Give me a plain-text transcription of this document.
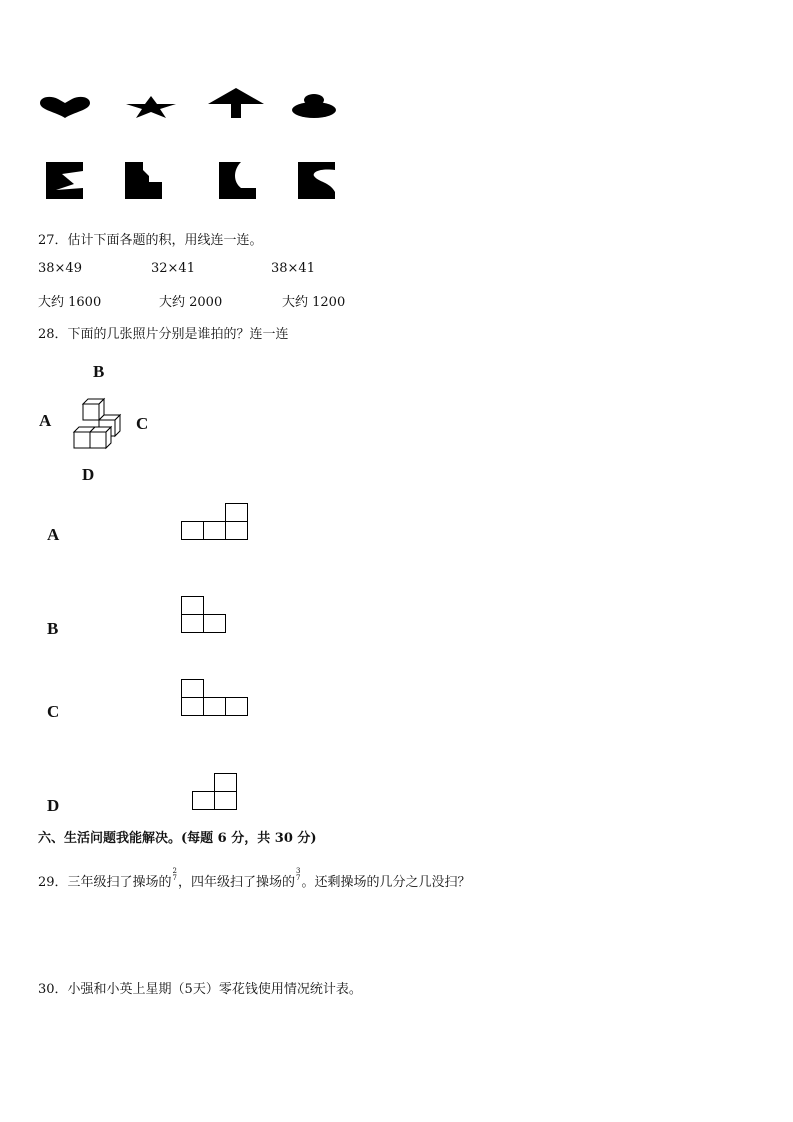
27．估计下面各题的积，用线连一连。
38×49	32×41	38×41
大约 1600	大约 2000	大约 1200
28．下面的几张照片分别是谁拍的？连一连
B
A	C
D
A
B
C
D
六、生活问题我能解决。(每题 6 分，共 30 分)
29．三年级扫了操场的2
7，四年级扫了操场的3
7。还剩操场的几分之几没扫？
30．小强和小英上星期（5天）零花钱使用情况统计表。
